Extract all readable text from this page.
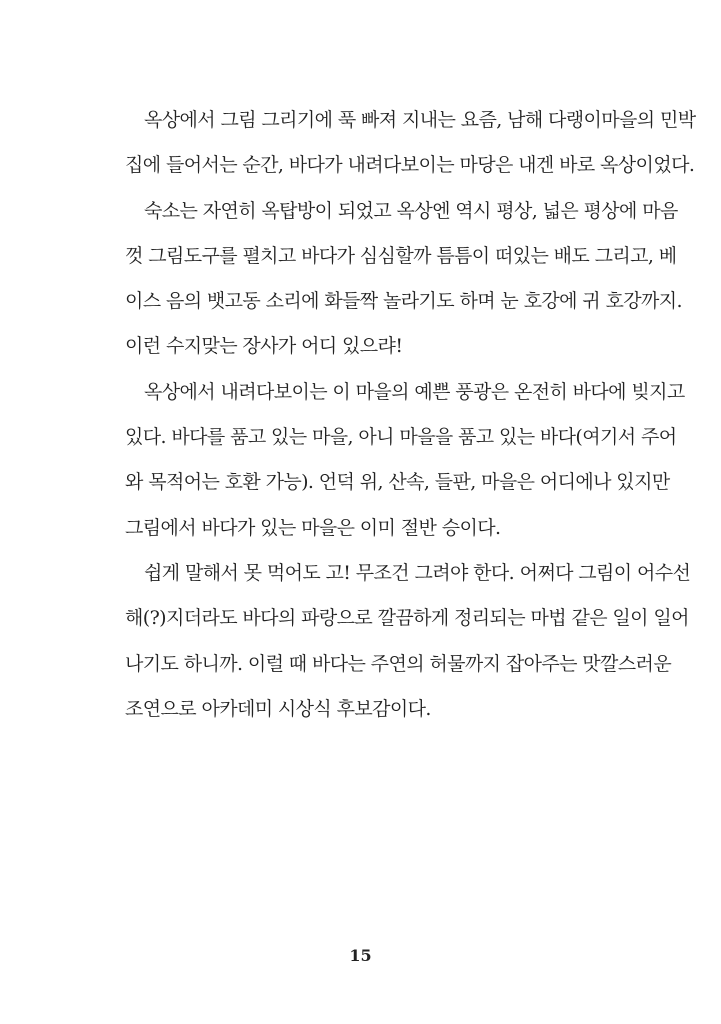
옥상에서 그림 그리기에 푹 빠져 지내는 요즘, 남해 다랭이마을의 민박
집에 들어서는 순간, 바다가 내려다보이는 마당은 내겐 바로 옥상이었다.
숙소는 자연히 옥탑방이 되었고 옥상엔 역시 평상, 넓은 평상에 마음
껏 그림도구를 펼치고 바다가 심심할까 틈틈이 떠있는 배도 그리고, 베
이스 음의 뱃고동 소리에 화들짝 놀라기도 하며 눈 호강에 귀 호강까지.
이런 수지맞는 장사가 어디 있으랴!
옥상에서 내려다보이는 이 마을의 예쁜 풍광은 온전히 바다에 빚지고
있다. 바다를 품고 있는 마을, 아니 마을을 품고 있는 바다(여기서 주어
와 목적어는 호환 가능). 언덕 위, 산속, 들판, 마을은 어디에나 있지만
그림에서 바다가 있는 마을은 이미 절반 승이다.
쉽게 말해서 못 먹어도 고! 무조건 그려야 한다. 어쩌다 그림이 어수선
해(?)지더라도 바다의 파랑으로 깔끔하게 정리되는 마법 같은 일이 일어
나기도 하니까. 이럴 때 바다는 주연의 허물까지 잡아주는 맛깔스러운
조연으로 아카데미 시상식 후보감이다.
15
